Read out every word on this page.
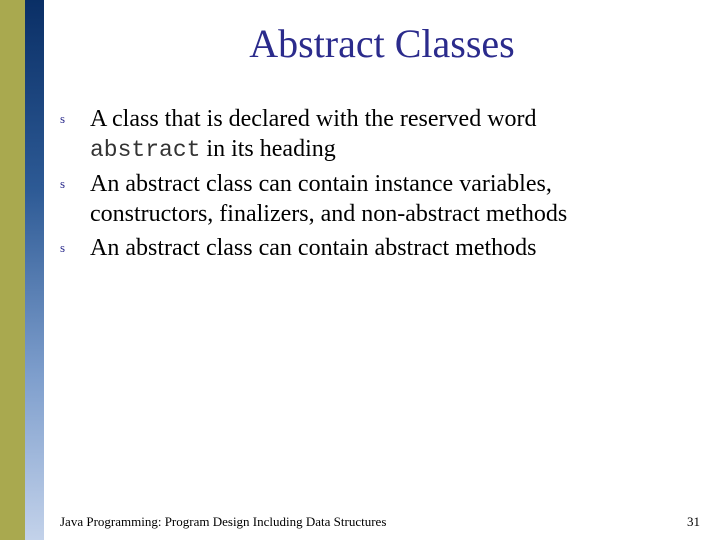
Abstract Classes
s A class that is declared with the reserved word
abstract in its heading
s An abstract class can contain instance variables, constructors, finalizers, and non-abstract methods
s An abstract class can contain abstract methods
Java Programming: Program Design Including Data Structures	31
